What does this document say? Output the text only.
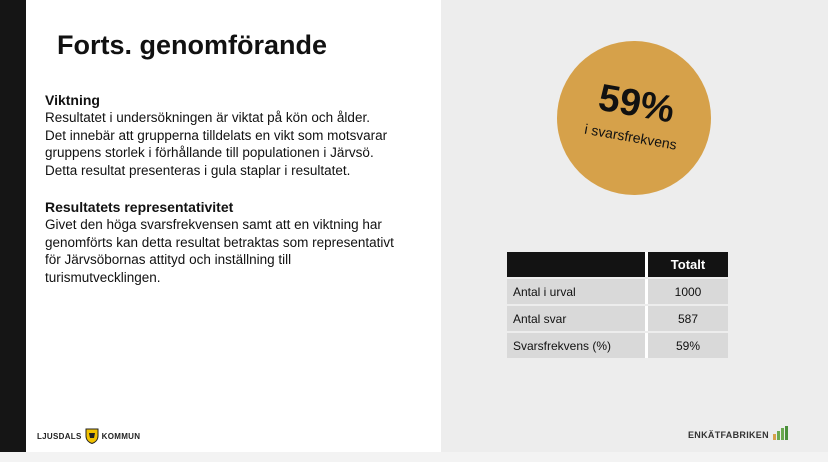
Forts. genomförande
Viktning

Resultatet i undersökningen är viktat på kön och ålder.

Det innebär att grupperna tilldelats en vikt som motsvarar

gruppens storlek i förhållande till populationen i Järvsö.

Detta resultat presenteras i gula staplar i resultatet.

Resultatets representativitet

Givet den höga svarsfrekvensen samt att en viktning har

genomförts kan detta resultat betraktas som representativt

för Järvsöbornas attityd och inställning till

turismutvecklingen.

59%
i svarsfrekvens
	Totalt
Antal i urval	1000
Antal svar	587
Svarsfrekvens (%)	59%
LJUSDALS	KOMMUN	ENKÄTFABRIKEN
